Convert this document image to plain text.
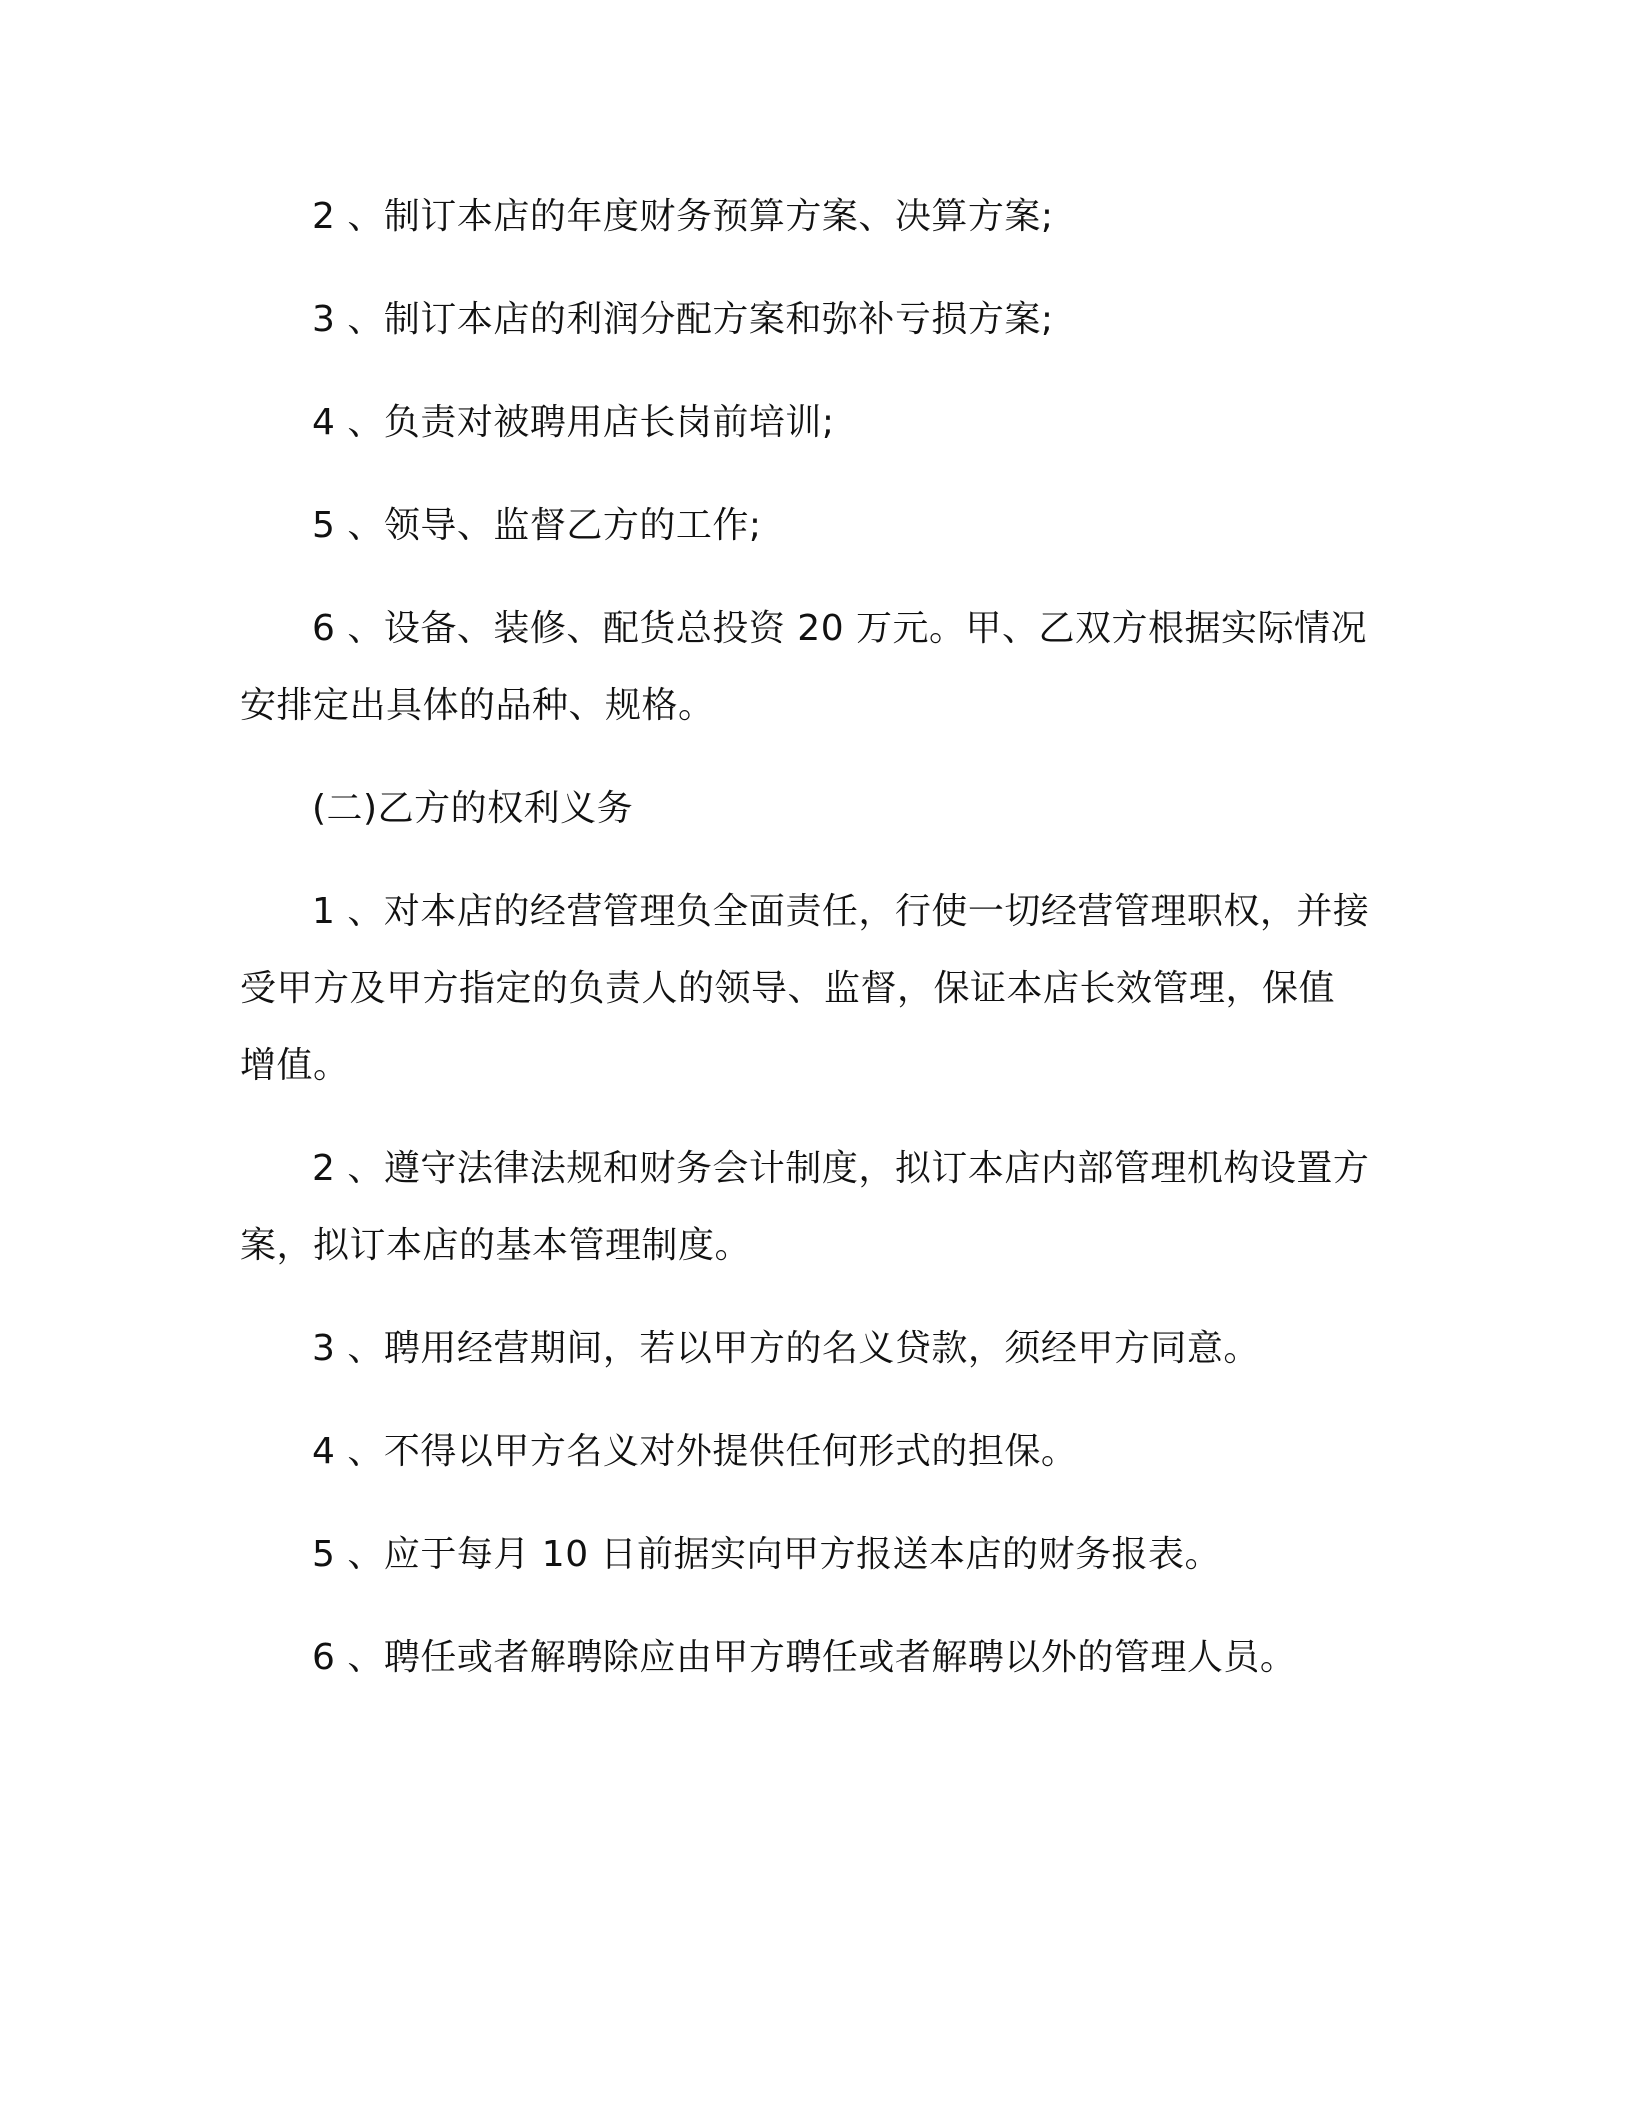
2 、制订本店的年度财务预算方案、决算方案;
3 、制订本店的利润分配方案和弥补亏损方案;
4 、负责对被聘用店长岗前培训;
5 、领导、监督乙方的工作;
6 、设备、装修、配货总投资 20 万元。甲、乙双方根据实际情况
安排定出具体的品种、规格。
(二)乙方的权利义务
1 、对本店的经营管理负全面责任，行使一切经营管理职权，并接
受甲方及甲方指定的负责人的领导、监督，保证本店长效管理，保值
增值。
2 、遵守法律法规和财务会计制度，拟订本店内部管理机构设置方
案，拟订本店的基本管理制度。
3 、聘用经营期间，若以甲方的名义贷款，须经甲方同意。
4 、不得以甲方名义对外提供任何形式的担保。
5 、应于每月 10 日前据实向甲方报送本店的财务报表。
6 、聘任或者解聘除应由甲方聘任或者解聘以外的管理人员。
